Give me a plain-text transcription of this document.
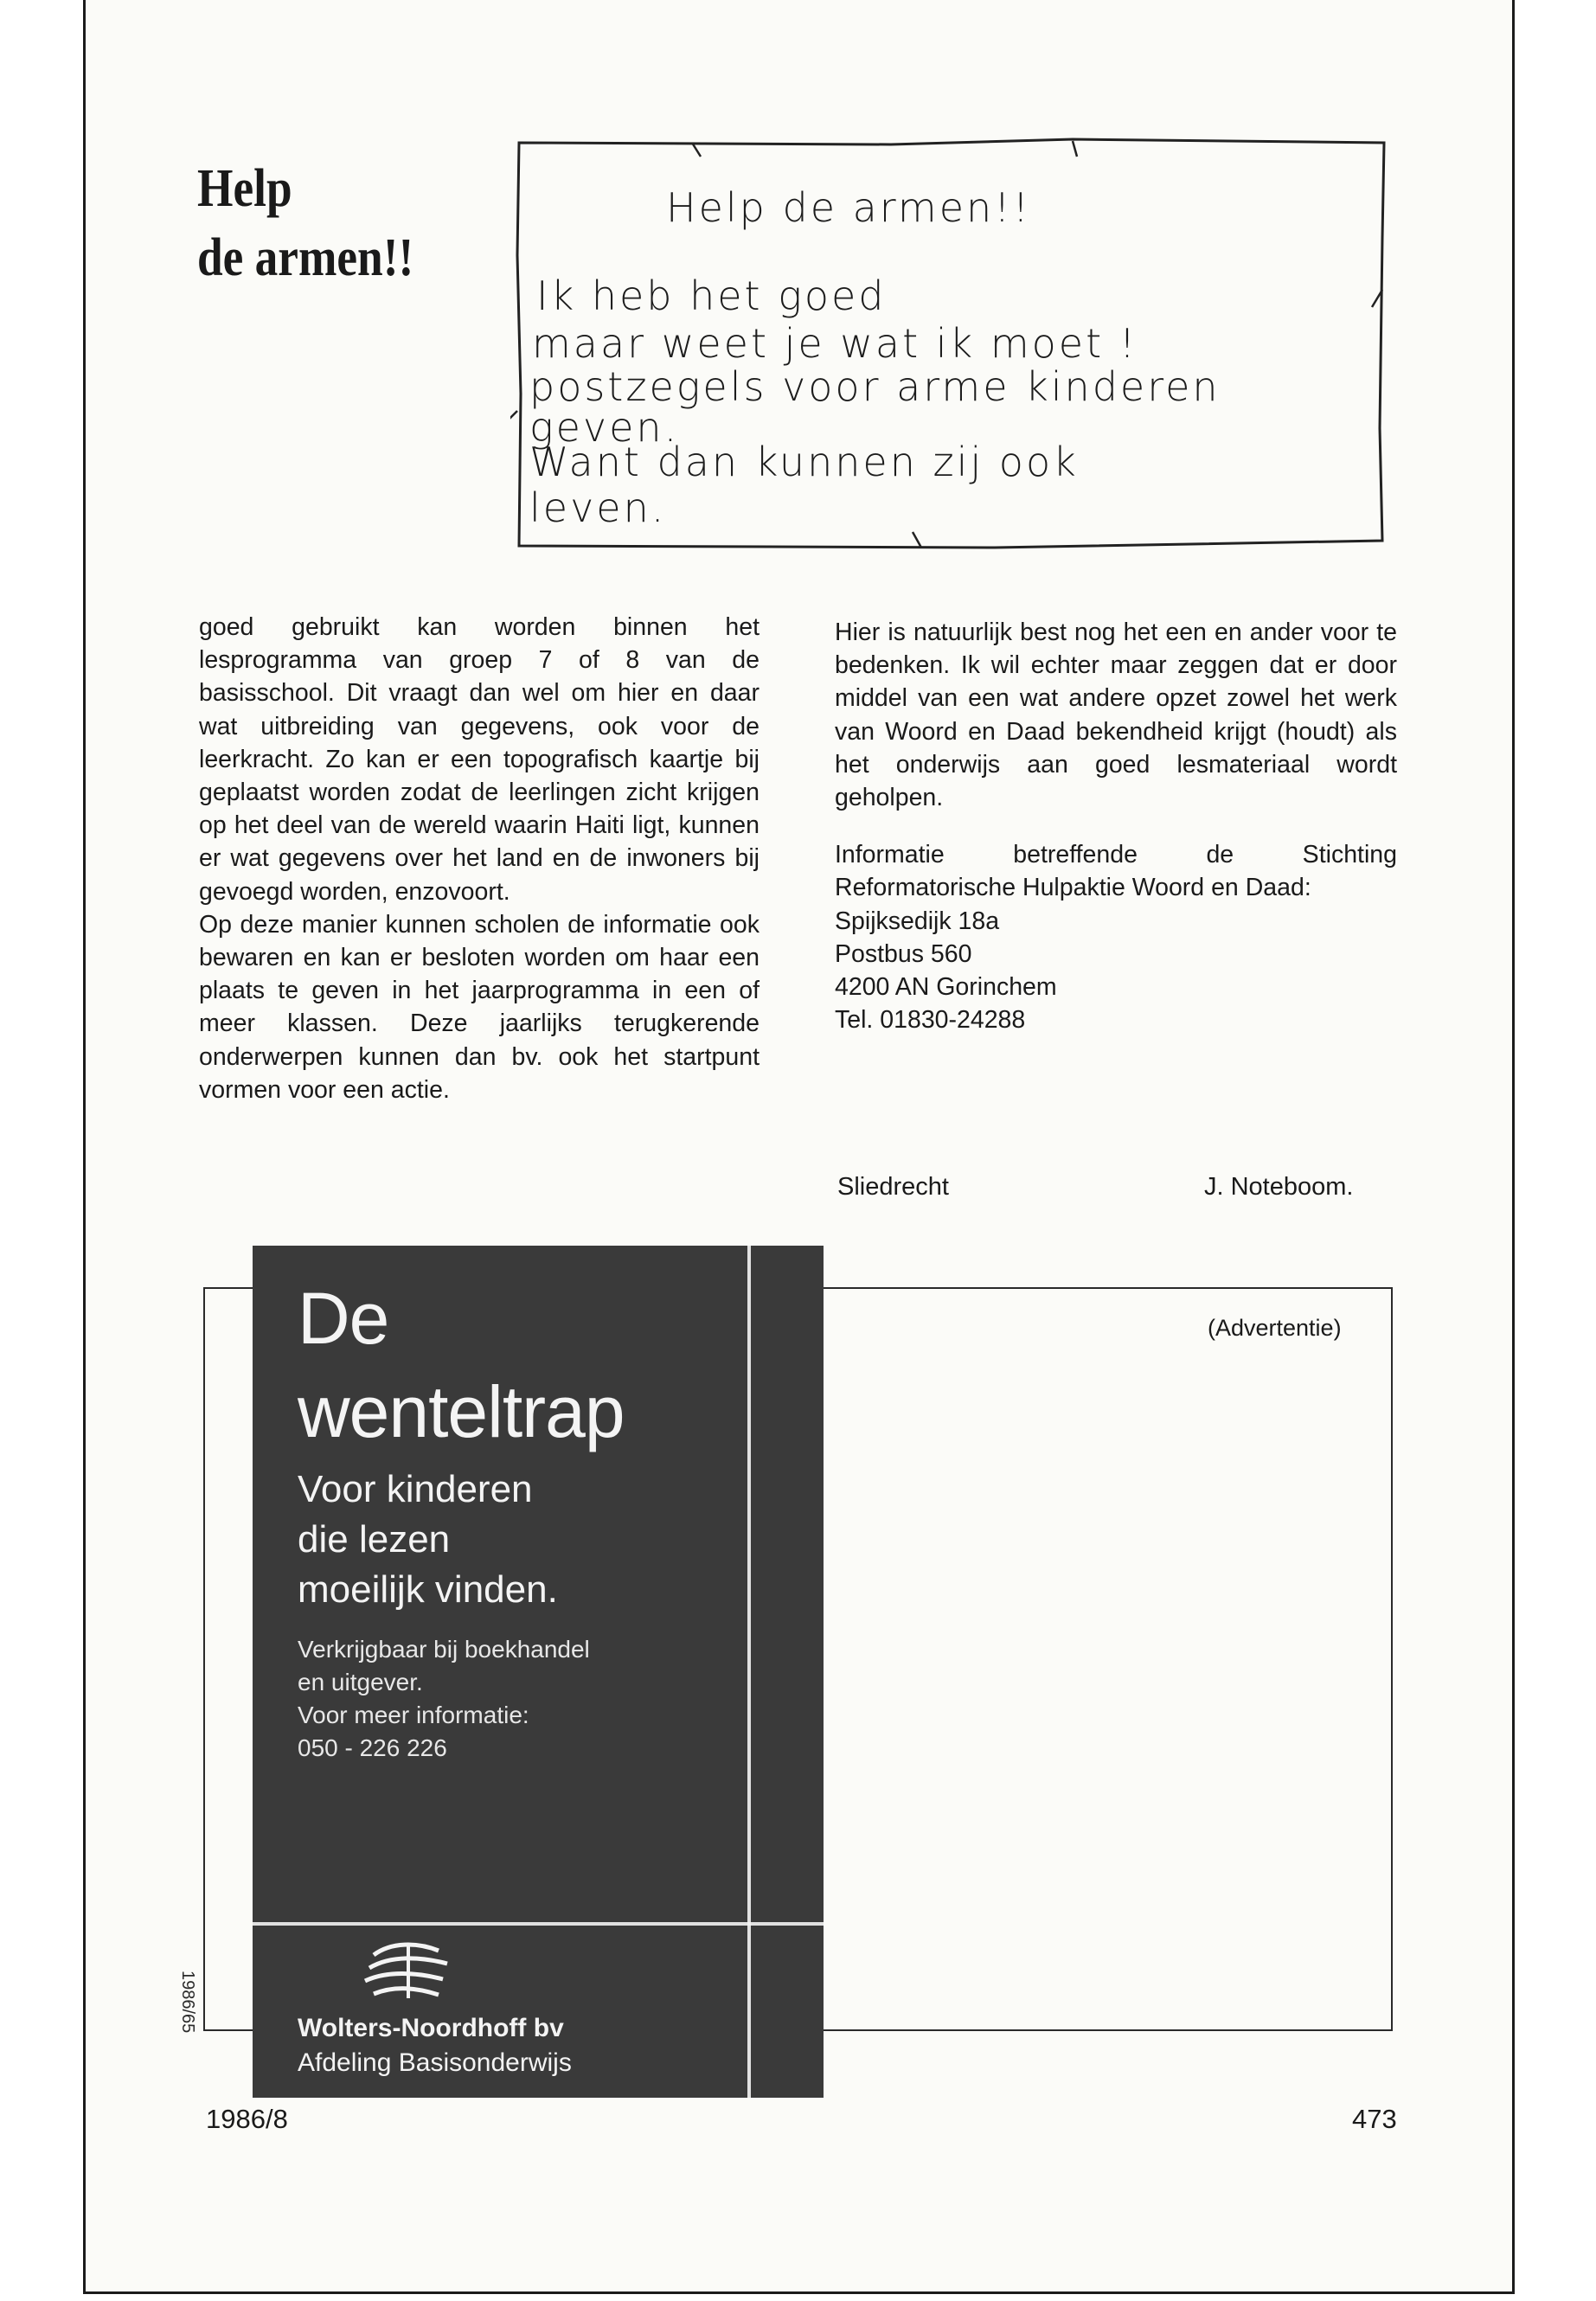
Help
de armen!!
Help de armen!!
Ik heb het goed
maar weet je wat ik moet !
postzegels voor arme kinderen
geven.
Want dan kunnen zij ook
leven.

goed gebruikt kan worden binnen het lesprogramma van groep 7 of 8 van de basisschool. Dit vraagt dan wel om hier en daar wat uitbreiding van gegevens, ook voor de leerkracht. Zo kan er een topografisch kaartje bij geplaatst worden zodat de leerlingen zicht krijgen op het deel van de wereld waarin Haiti ligt, kunnen er wat gegevens over het land en de inwoners bij gevoegd worden, enzovoort.

Op deze manier kunnen scholen de informatie ook bewaren en kan er besloten worden om haar een plaats te geven in het jaarprogramma in een of meer klassen. Deze jaarlijks terugkerende onderwerpen kunnen dan bv. ook het startpunt vormen voor een actie.

Hier is natuurlijk best nog het een en ander voor te bedenken. Ik wil echter maar zeggen dat er door middel van een wat andere opzet zowel het werk van Woord en Daad bekendheid krijgt (houdt) als het onderwijs aan goed lesmateriaal wordt geholpen.

Informatie betreffende de Stichting Reformatorische Hulpaktie Woord en Daad:

Spijksedijk 18a
Postbus 560
4200 AN Gorinchem
Tel. 01830-24288
Sliedrecht	J. Noteboom.
(Advertentie)
1986/65
De
wenteltrap
Voor kinderen
die lezen
moeilijk vinden.
Verkrijgbaar bij boekhandel
en uitgever.
Voor meer informatie:
050 - 226 226
Wolters-Noordhoff bv
Afdeling Basisonderwijs
1986/8	473
